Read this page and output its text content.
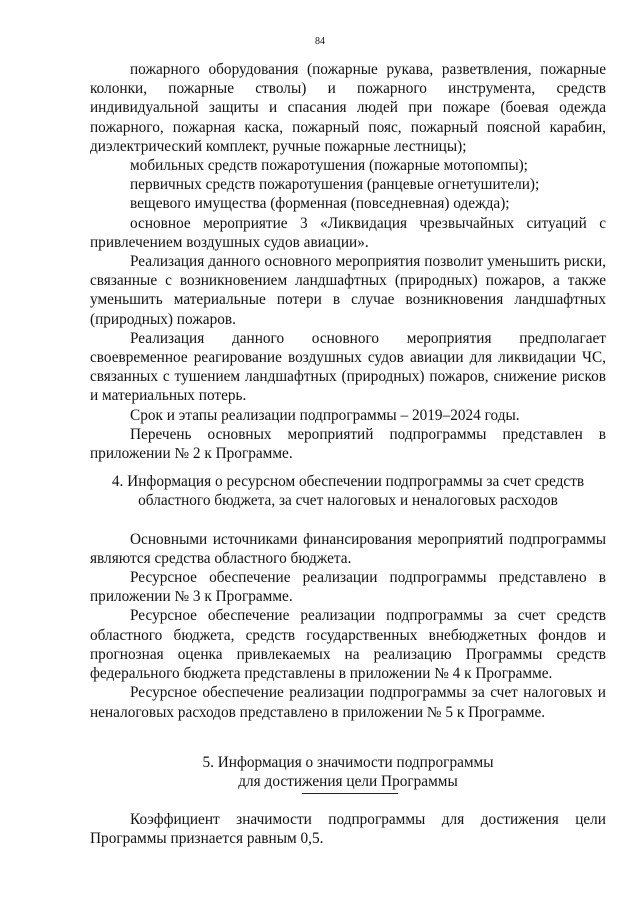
84

пожарного оборудования (пожарные рукава, разветвления, пожарные колонки, пожарные стволы) и пожарного инструмента, средств индивидуальной защиты и спасания людей при пожаре (боевая одежда пожарного, пожарная каска, пожарный пояс, пожарный поясной карабин, диэлектрический комплект, ручные пожарные лестницы);

мобильных средств пожаротушения (пожарные мотопомпы);

первичных средств пожаротушения (ранцевые огнетушители);

вещевого имущества (форменная (повседневная) одежда);

основное мероприятие 3 «Ликвидация чрезвычайных ситуаций с привлечением воздушных судов авиации».

Реализация данного основного мероприятия позволит уменьшить риски, связанные с возникновением ландшафтных (природных) пожаров, а также уменьшить материальные потери в случае возникновения ландшафтных (природных) пожаров.

Реализация данного основного мероприятия предполагает своевременное реагирование воздушных судов авиации для ликвидации ЧС, связанных с тушением ландшафтных (природных) пожаров, снижение рисков и материальных потерь.

Срок и этапы реализации подпрограммы – 2019–2024 годы.

Перечень основных мероприятий подпрограммы представлен в приложении № 2 к Программе.

4. Информация о ресурсном обеспечении подпрограммы за счет средств
областного бюджета, за счет налоговых и неналоговых расходов

Основными источниками финансирования мероприятий подпрограммы являются средства областного бюджета.

Ресурсное обеспечение реализации подпрограммы представлено в приложении № 3 к Программе.

Ресурсное обеспечение реализации подпрограммы за счет средств областного бюджета, средств государственных внебюджетных фондов и прогнозная оценка привлекаемых на реализацию Программы средств федерального бюджета представлены в приложении № 4 к Программе.

Ресурсное обеспечение реализации подпрограммы за счет налоговых и неналоговых расходов представлено в приложении № 5 к Программе.

5. Информация о значимости подпрограммы
для достижения цели Программы

Коэффициент значимости подпрограммы для достижения цели Программы признается равным 0,5.
